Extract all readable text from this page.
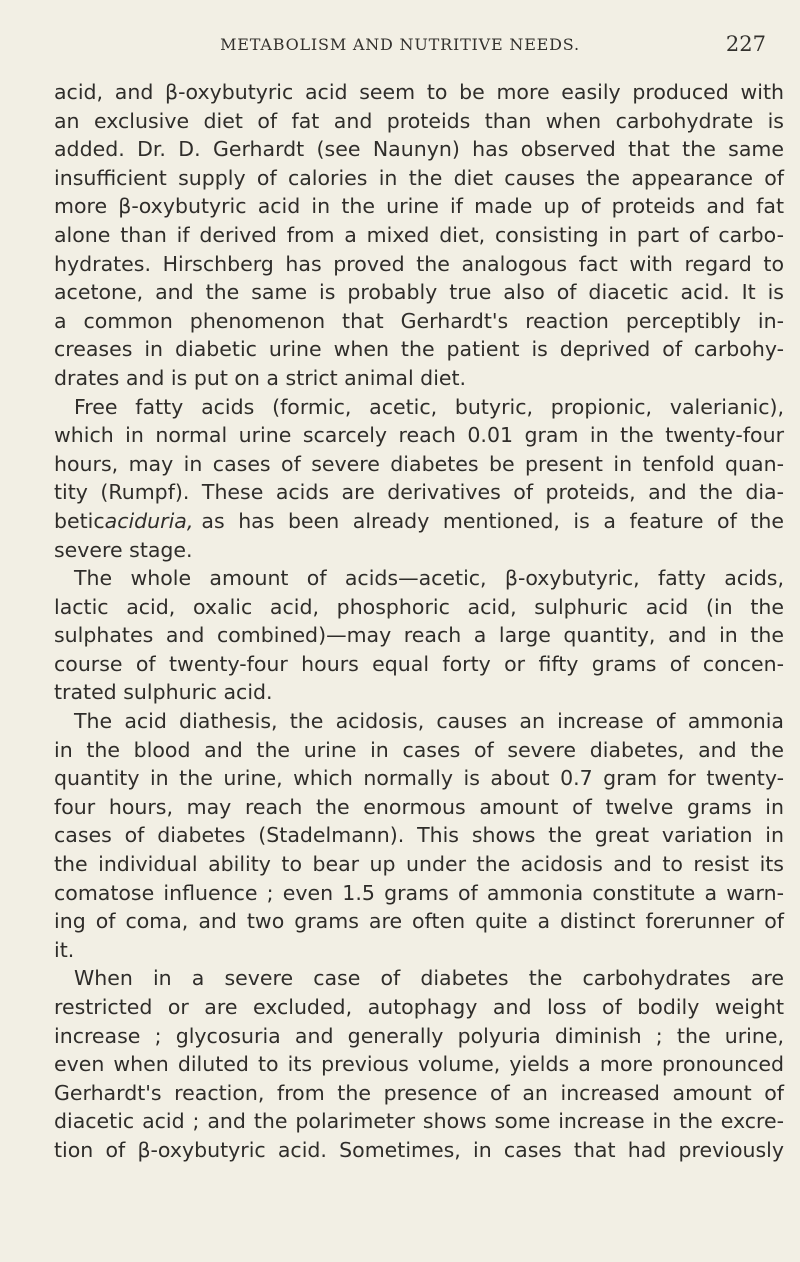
METABOLISM AND NUTRITIVE NEEDS.	227
acid, and β-oxybutyric acid seem to be more easily produced with
an exclusive diet of fat and proteids than when carbohydrate is
added. Dr. D. Gerhardt (see Naunyn) has observed that the same
insufficient supply of calories in the diet causes the appearance of
more β-oxybutyric acid in the urine if made up of proteids and fat
alone than if derived from a mixed diet, consisting in part of carbo-
hydrates. Hirschberg has proved the analogous fact with regard to
acetone, and the same is probably true also of diacetic acid. It is
a common phenomenon that Gerhardt's reaction perceptibly in-
creases in diabetic urine when the patient is deprived of carbohy-
drates and is put on a strict animal diet.
Free fatty acids (formic, acetic, butyric, propionic, valerianic),
which in normal urine scarcely reach 0.01 gram in the twenty-four
hours, may in cases of severe diabetes be present in tenfold quan-
tity (Rumpf). These acids are derivatives of proteids, and the dia-
betic aciduria, as has been already mentioned, is a feature of the
severe stage.
The whole amount of acids—acetic, β-oxybutyric, fatty acids,
lactic acid, oxalic acid, phosphoric acid, sulphuric acid (in the
sulphates and combined)—may reach a large quantity, and in the
course of twenty-four hours equal forty or fifty grams of concen-
trated sulphuric acid.
The acid diathesis, the acidosis, causes an increase of ammonia
in the blood and the urine in cases of severe diabetes, and the
quantity in the urine, which normally is about 0.7 gram for twenty-
four hours, may reach the enormous amount of twelve grams in
cases of diabetes (Stadelmann). This shows the great variation in
the individual ability to bear up under the acidosis and to resist its
comatose influence ; even 1.5 grams of ammonia constitute a warn-
ing of coma, and two grams are often quite a distinct forerunner of
it.
When in a severe case of diabetes the carbohydrates are
restricted or are excluded, autophagy and loss of bodily weight
increase ; glycosuria and generally polyuria diminish ; the urine,
even when diluted to its previous volume, yields a more pronounced
Gerhardt's reaction, from the presence of an increased amount of
diacetic acid ; and the polarimeter shows some increase in the excre-
tion of β-oxybutyric acid. Sometimes, in cases that had previously
